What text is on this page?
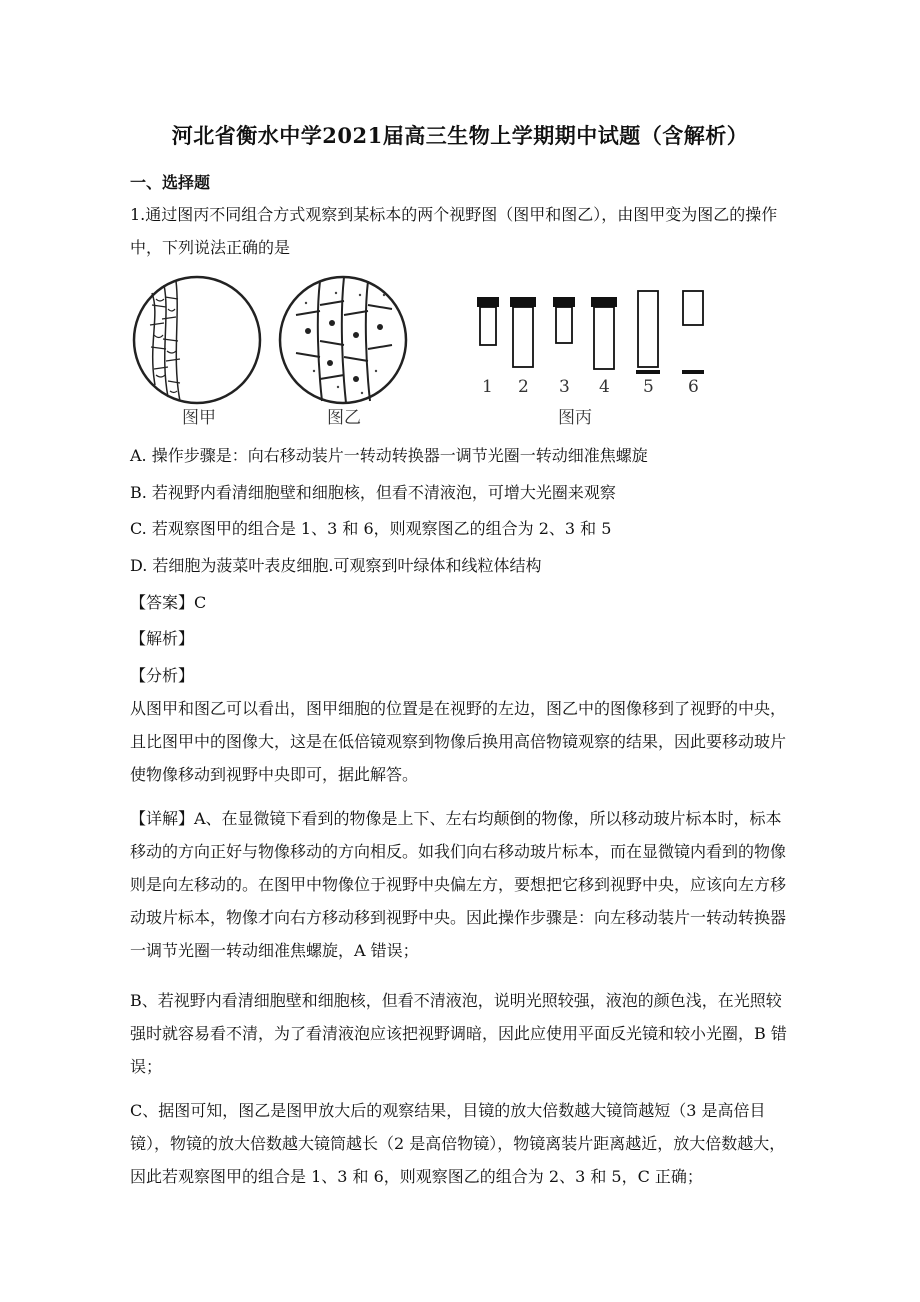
河北省衡水中学2021届高三生物上学期期中试题（含解析）
一、选择题
1.通过图丙不同组合方式观察到某标本的两个视野图（图甲和图乙），由图甲变为图乙的操作中，下列说法正确的是
图甲	图乙	图丙
1 2 3 4 5 6
A. 操作步骤是：向右移动装片一转动转换器一调节光圈一转动细准焦螺旋
B. 若视野内看清细胞壁和细胞核，但看不清液泡，可增大光圈来观察
C. 若观察图甲的组合是 1、3 和 6，则观察图乙的组合为 2、3 和 5
D. 若细胞为菠菜叶表皮细胞.可观察到叶绿体和线粒体结构
【答案】C
【解析】
【分析】
从图甲和图乙可以看出，图甲细胞的位置是在视野的左边，图乙中的图像移到了视野的中央，且比图甲中的图像大，这是在低倍镜观察到物像后换用高倍物镜观察的结果，因此要移动玻片使物像移动到视野中央即可，据此解答。
【详解】A、在显微镜下看到的物像是上下、左右均颠倒的物像，所以移动玻片标本时，标本移动的方向正好与物像移动的方向相反。如我们向右移动玻片标本，而在显微镜内看到的物像则是向左移动的。在图甲中物像位于视野中央偏左方，要想把它移到视野中央，应该向左方移动玻片标本，物像才向右方移动移到视野中央。因此操作步骤是：向左移动装片一转动转换器一调节光圈一转动细准焦螺旋，A 错误；
B、若视野内看清细胞壁和细胞核，但看不清液泡，说明光照较强，液泡的颜色浅，在光照较强时就容易看不清，为了看清液泡应该把视野调暗，因此应使用平面反光镜和较小光圈，B 错误；
C、据图可知，图乙是图甲放大后的观察结果，目镜的放大倍数越大镜筒越短（3 是高倍目镜），物镜的放大倍数越大镜筒越长（2 是高倍物镜），物镜离装片距离越近，放大倍数越大，因此若观察图甲的组合是 1、3 和 6，则观察图乙的组合为 2、3 和 5，C 正确；
